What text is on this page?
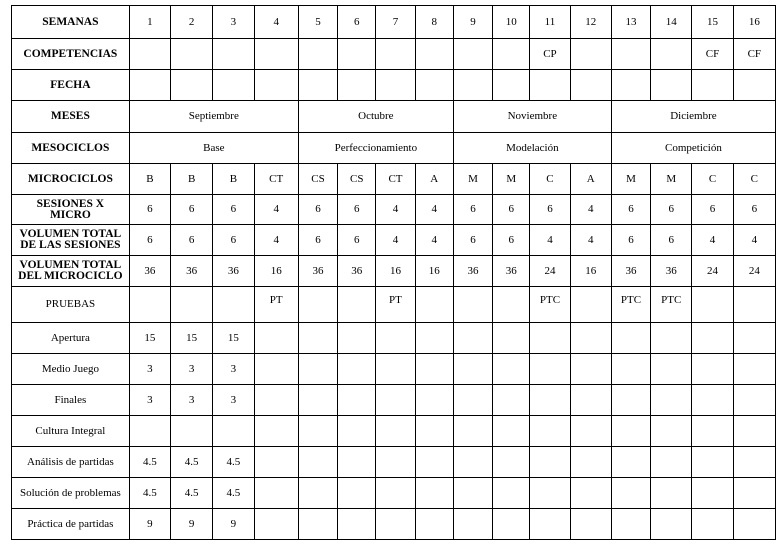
SEMANAS	1	2	3	4	5	6	7	8	9	10	11	12	13	14	15	16
COMPETENCIAS											CP				CF	CF
FECHA																
MESES	Septiembre				Octubre				Noviembre				Diciembre			
MESOCICLOS	Base				Perfeccionamiento				Modelación				Competición			
MICROCICLOS	B	B	B	CT	CS	CS	CT	A	M	M	C	A	M	M	C	C

SESIONES X
MICRO	6	6	6	4	6	6	4	4	6	6	6	4	6	6	6	6

VOLUMEN TOTAL
DE LAS SESIONES	6	6	6	4	6	6	4	4	6	6	4	4	6	6	4	4

VOLUMEN TOTAL
DEL MICROCICLO	36	36	36	16	36	36	16	16	36	36	24	16	36	36	24	24
PRUEBAS				PT			PT				PTC		PTC	PTC		
Apertura	15	15	15													
Medio Juego	3	3	3													
Finales	3	3	3													
Cultura Integral																
Análisis de partidas	4.5	4.5	4.5													
Solución de problemas	4.5	4.5	4.5													
Práctica de partidas	9	9	9													
